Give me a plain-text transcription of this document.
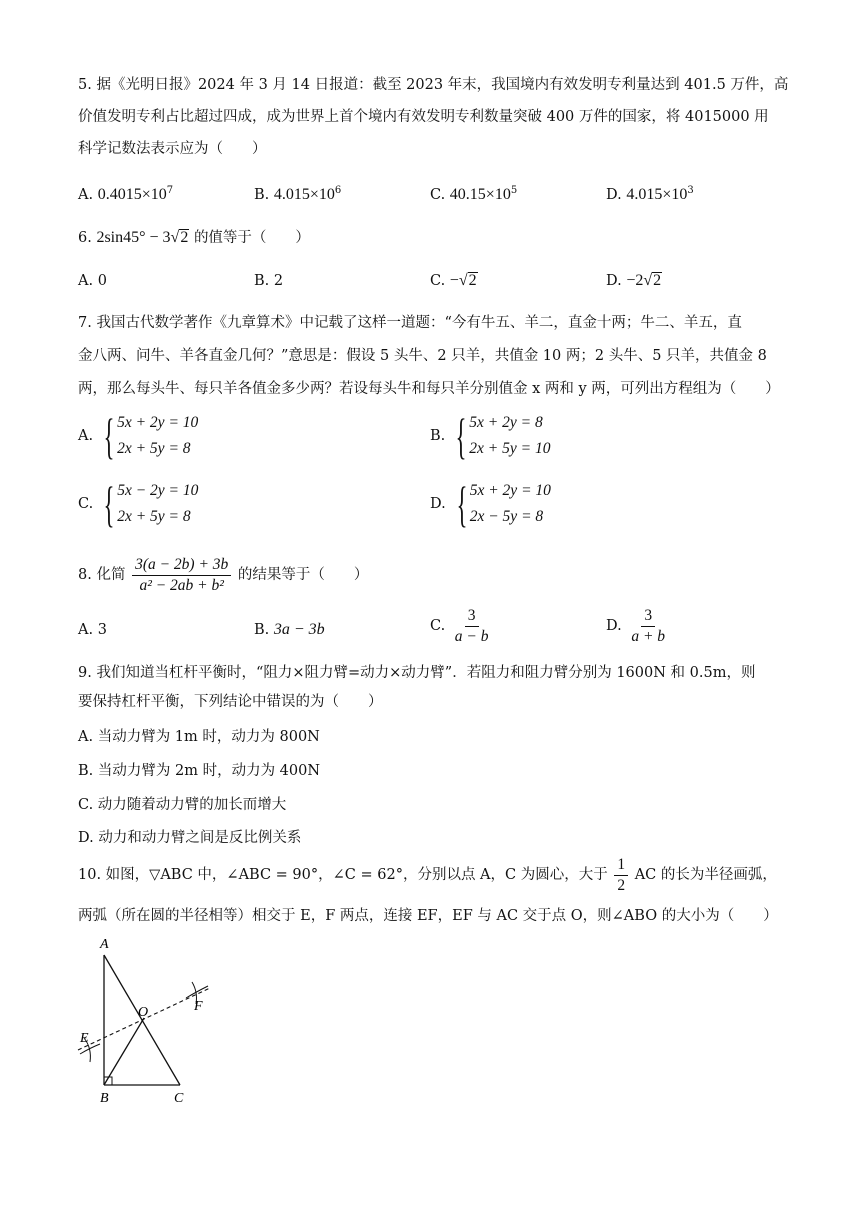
5. 据《光明日报》2024 年 3 月 14 日报道：截至 2023 年末，我国境内有效发明专利量达到 401.5 万件，高
价值发明专利占比超过四成，成为世界上首个境内有效发明专利数量突破 400 万件的国家，将 4015000 用
科学记数法表示应为（　　）
A. $0.4015\times 10^7$	B. $4.015\times 10^6$	C. $40.15\times 10^5$	D. $4.015\times 10^3$
6. 2sin45° − 3√2 的值等于（　　）
A. 0	B. 2	C. −√2	D. −2√2
7. 我国古代数学著作《九章算术》中记载了这样一道题：“今有牛五、羊二，直金十两；牛二、羊五，直
金八两、问牛、羊各直金几何？”意思是：假设 5 头牛、2 只羊，共值金 10 两；2 头牛、5 只羊，共值金 8
两，那么每头牛、每只羊各值金多少两？若设每头牛和每只羊分别值金 x 两和 y 两，可列出方程组为（　　）
A. { 5x + 2y = 10
2x + 5y = 8
B. { 5x + 2y = 8
2x + 5y = 10
C. { 5x − 2y = 10
2x + 5y = 8
D. { 5x + 2y = 10
2x − 5y = 8
8. 化简 $\frac{3(a - 2b) + 3b}{\text{a² − 2ab + b²}}$ 的结果等于（　　）
A. 3	B. 3a − 3b	C. $\frac{3}{a - b}$	D. $\frac{3}{a + b}$
9. 我们知道当杠杆平衡时，“阻力×阻力臂=动力×动力臂”．若阻力和阻力臂分别为 1600N 和 0.5m，则
要保持杠杆平衡，下列结论中错误的为（　　）
A. 当动力臂为 1m 时，动力为 800N
B. 当动力臂为 2m 时，动力为 400N
C. 动力随着动力臂的加长而增大
D. 动力和动力臂之间是反比例关系
10. 如图，▽ABC 中，∠ABC = 90°，∠C = 62°，分别以点 A，C 为圆心，大于 $\frac{1}{2}$ AC 的长为半径画弧，
两弧（所在圆的半径相等）相交于 E，F 两点，连接 EF，EF 与 AC 交于点 O，则∠ABO 的大小为（　　）
A
B	C
O
E
F
